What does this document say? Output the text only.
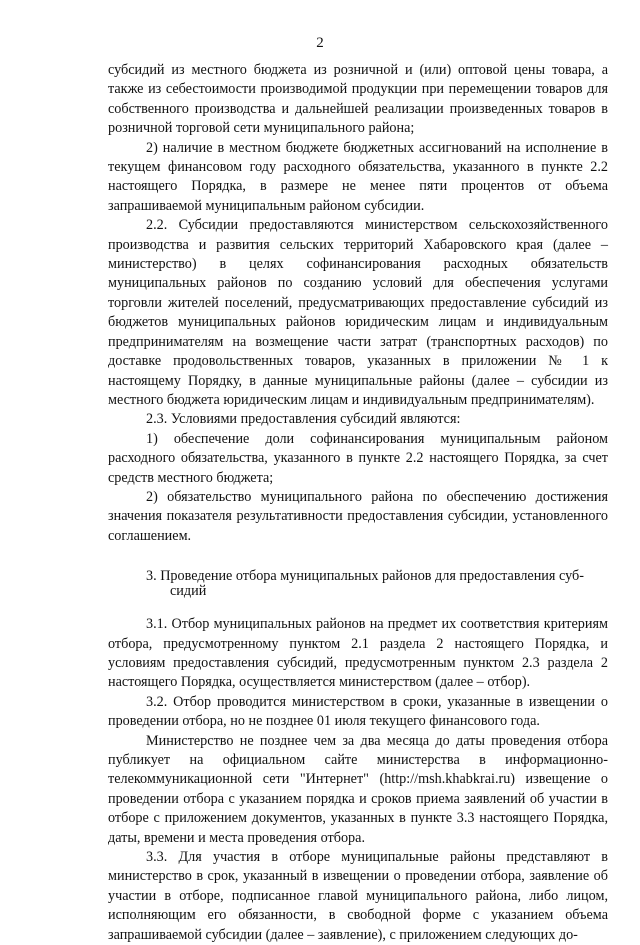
2

субсидий из местного бюджета из розничной и (или) оптовой цены товара, а также из себестоимости производимой продукции при перемещении товаров для собственного производства и дальнейшей реализации произведенных товаров в розничной торговой сети муниципального района;

2) наличие в местном бюджете бюджетных ассигнований на исполнение в текущем финансовом году расходного обязательства, указанного в пункте 2.2 настоящего Порядка, в размере не менее пяти процентов от объема запрашиваемой муниципальным районом субсидии.

2.2. Субсидии предоставляются министерством сельскохозяйственного производства и развития сельских территорий Хабаровского края (далее – министерство) в целях софинансирования расходных обязательств муниципальных районов по созданию условий для обеспечения услугами торговли жителей поселений, предусматривающих предоставление субсидий из бюджетов муниципальных районов юридическим лицам и индивидуальным предпринимателям на возмещение части затрат (транспортных расходов) по доставке продовольственных товаров, указанных в приложении № 1 к настоящему Порядку, в данные муниципальные районы (далее – субсидии из местного бюджета юридическим лицам и индивидуальным предпринимателям).

2.3. Условиями предоставления субсидий являются:

1) обеспечение доли софинансирования муниципальным районом расходного обязательства, указанного в пункте 2.2 настоящего Порядка, за счет средств местного бюджета;

2) обязательство муниципального района по обеспечению достижения значения показателя результативности предоставления субсидии, установленного соглашением.

3. Проведение отбора муниципальных районов для предоставления суб-
сидий

3.1. Отбор муниципальных районов на предмет их соответствия критериям отбора, предусмотренному пунктом 2.1 раздела 2 настоящего Порядка, и условиям предоставления субсидий, предусмотренным пунктом 2.3 раздела 2 настоящего Порядка, осуществляется министерством (далее – отбор).

3.2. Отбор проводится министерством в сроки, указанные в извещении о проведении отбора, но не позднее 01 июля текущего финансового года.

Министерство не позднее чем за два месяца до даты проведения отбора публикует на официальном сайте министерства в информационно-телекоммуникационной сети "Интернет" (http://msh.khabkrai.ru) извещение о проведении отбора с указанием порядка и сроков приема заявлений об участии в отборе с приложением документов, указанных в пункте 3.3 настоящего Порядка, даты, времени и места проведения отбора.

3.3. Для участия в отборе муниципальные районы представляют в министерство в срок, указанный в извещении о проведении отбора, заявление об участии в отборе, подписанное главой муниципального района, либо лицом, исполняющим его обязанности, в свободной форме с указанием объема запрашиваемой субсидии (далее – заявление), с приложением следующих до-
